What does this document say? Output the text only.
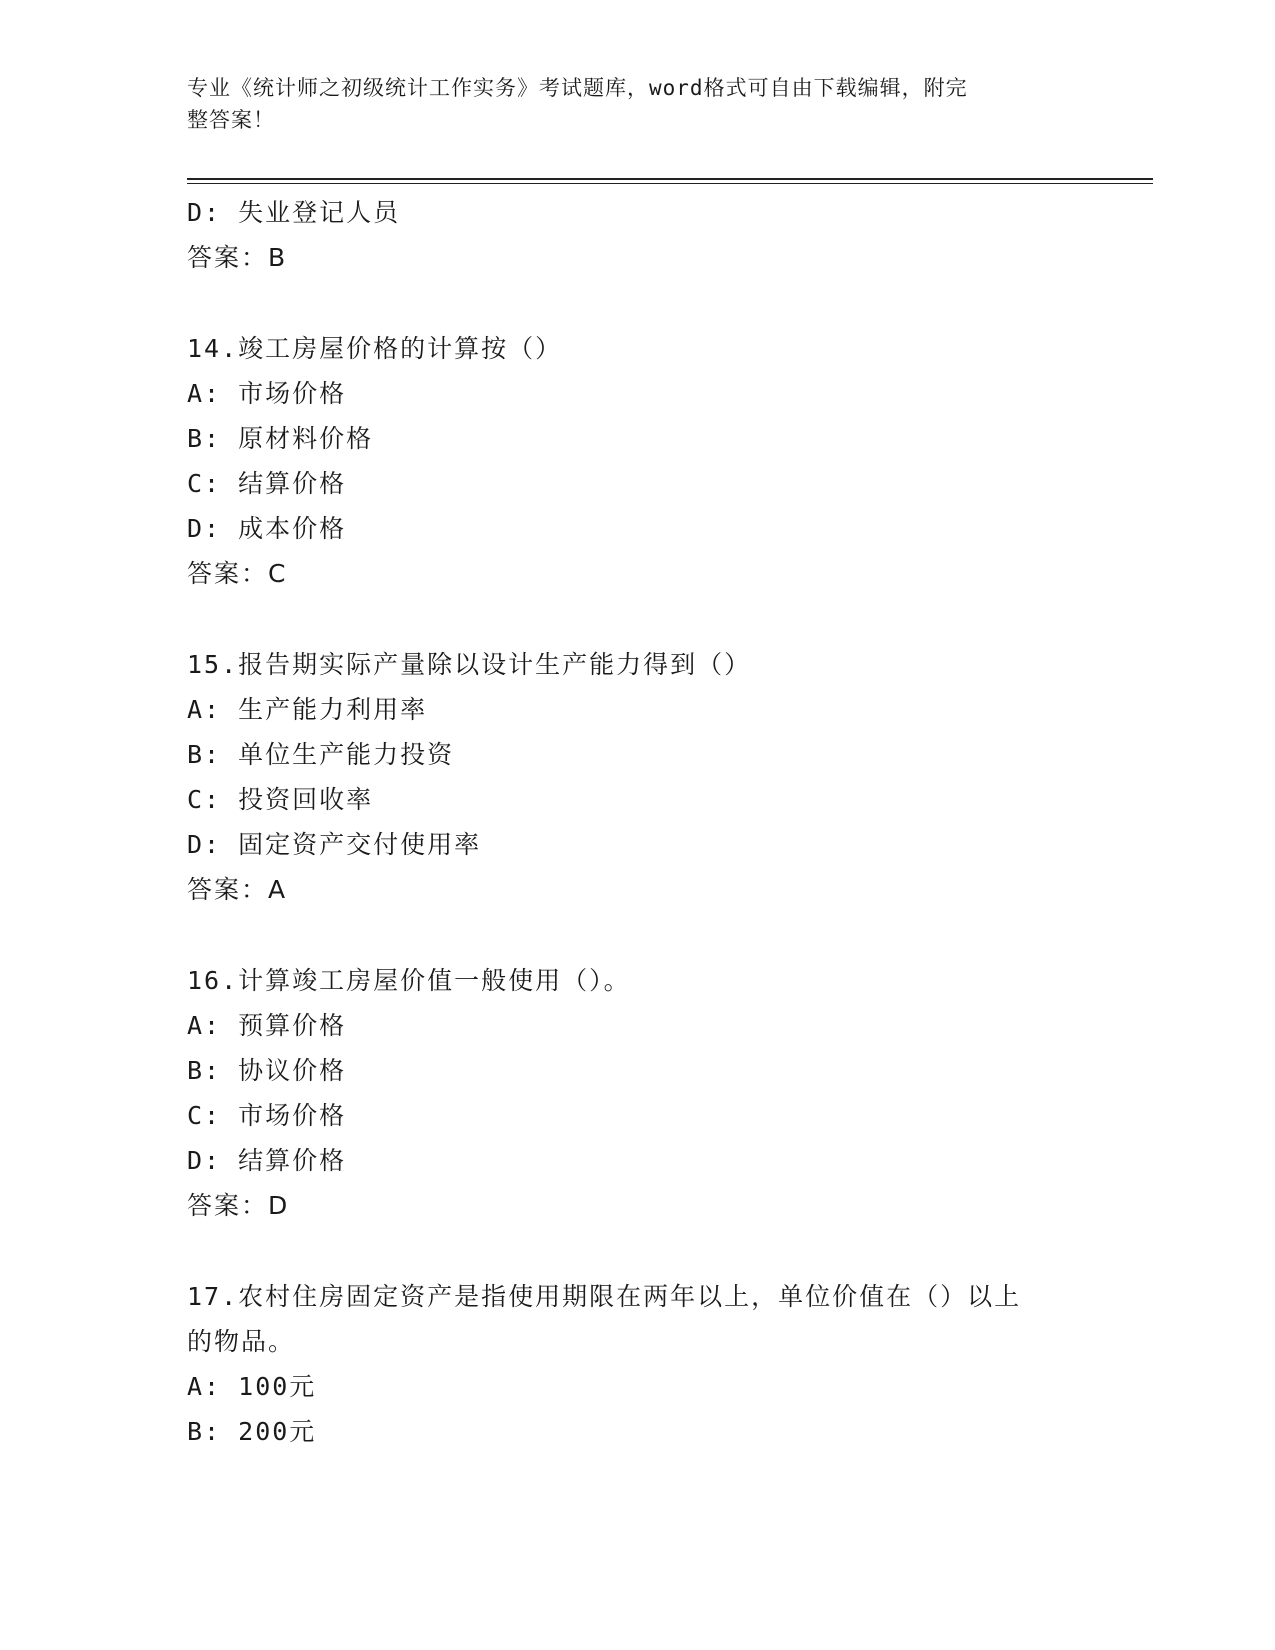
专业《统计师之初级统计工作实务》考试题库，word格式可自由下载编辑，附完
整答案！
D: 失业登记人员
答案：B
14.竣工房屋价格的计算按（）
A: 市场价格
B: 原材料价格
C: 结算价格
D: 成本价格
答案：C
15.报告期实际产量除以设计生产能力得到（）
A: 生产能力利用率
B: 单位生产能力投资
C: 投资回收率
D: 固定资产交付使用率
答案：A
16.计算竣工房屋价值一般使用（）。
A: 预算价格
B: 协议价格
C: 市场价格
D: 结算价格
答案：D
17.农村住房固定资产是指使用期限在两年以上，单位价值在（）以上
的物品。
A: 100元
B: 200元
